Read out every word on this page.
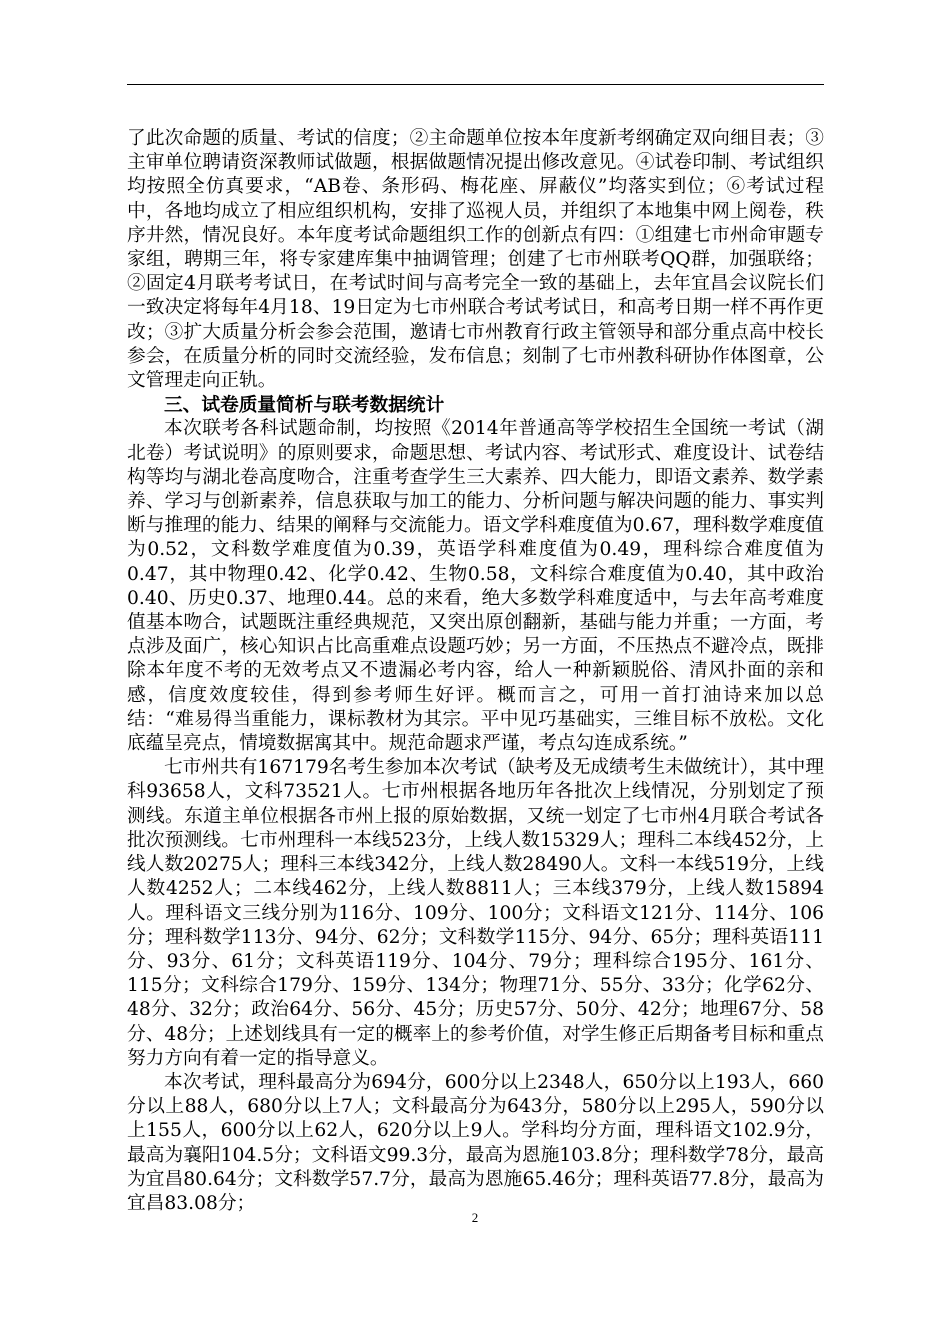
了此次命题的质量、考试的信度；②主命题单位按本年度新考纲确定双向细目表；③主审单位聘请资深教师试做题，根据做题情况提出修改意见。④试卷印制、考试组织均按照全仿真要求，“AB卷、条形码、梅花座、屏蔽仪”均落实到位；⑥考试过程中，各地均成立了相应组织机构，安排了巡视人员，并组织了本地集中网上阅卷，秩序井然，情况良好。本年度考试命题组织工作的创新点有四：①组建七市州命审题专家组，聘期三年，将专家建库集中抽调管理；创建了七市州联考QQ群，加强联络；②固定4月联考考试日，在考试时间与高考完全一致的基础上，去年宜昌会议院长们一致决定将每年4月18、19日定为七市州联合考试考试日，和高考日期一样不再作更改；③扩大质量分析会参会范围，邀请七市州教育行政主管领导和部分重点高中校长参会，在质量分析的同时交流经验，发布信息；刻制了七市州教科研协作体图章，公文管理走向正轨。

三、试卷质量简析与联考数据统计

本次联考各科试题命制，均按照《2014年普通高等学校招生全国统一考试（湖北卷）考试说明》的原则要求，命题思想、考试内容、考试形式、难度设计、试卷结构等均与湖北卷高度吻合，注重考查学生三大素养、四大能力，即语文素养、数学素养、学习与创新素养，信息获取与加工的能力、分析问题与解决问题的能力、事实判断与推理的能力、结果的阐释与交流能力。语文学科难度值为0.67，理科数学难度值为0.52，文科数学难度值为0.39，英语学科难度值为0.49，理科综合难度值为0.47，其中物理0.42、化学0.42、生物0.58，文科综合难度值为0.40，其中政治0.40、历史0.37、地理0.44。总的来看，绝大多数学科难度适中，与去年高考难度值基本吻合，试题既注重经典规范，又突出原创翻新，基础与能力并重；一方面，考点涉及面广，核心知识占比高重难点设题巧妙；另一方面，不压热点不避冷点，既排除本年度不考的无效考点又不遗漏必考内容，给人一种新颖脱俗、清风扑面的亲和感，信度效度较佳，得到参考师生好评。概而言之，可用一首打油诗来加以总结：“难易得当重能力，课标教材为其宗。平中见巧基础实，三维目标不放松。文化底蕴呈亮点，情境数据寓其中。规范命题求严谨，考点勾连成系统。”

七市州共有167179名考生参加本次考试（缺考及无成绩考生未做统计），其中理科93658人，文科73521人。七市州根据各地历年各批次上线情况，分别划定了预测线。东道主单位根据各市州上报的原始数据，又统一划定了七市州4月联合考试各批次预测线。七市州理科一本线523分，上线人数15329人；理科二本线452分，上线人数20275人；理科三本线342分，上线人数28490人。文科一本线519分，上线人数4252人；二本线462分，上线人数8811人；三本线379分，上线人数15894人。理科语文三线分别为116分、109分、100分；文科语文121分、114分、106分；理科数学113分、94分、62分；文科数学115分、94分、65分；理科英语111分、93分、61分；文科英语119分、104分、79分；理科综合195分、161分、115分；文科综合179分、159分、134分；物理71分、55分、33分；化学62分、48分、32分；政治64分、56分、45分；历史57分、50分、42分；地理67分、58分、48分；上述划线具有一定的概率上的参考价值，对学生修正后期备考目标和重点努力方向有着一定的指导意义。

本次考试，理科最高分为694分，600分以上2348人，650分以上193人，660分以上88人，680分以上7人；文科最高分为643分，580分以上295人，590分以上155人，600分以上62人，620分以上9人。学科均分方面，理科语文102.9分，最高为襄阳104.5分；文科语文99.3分，最高为恩施103.8分；理科数学78分，最高为宜昌80.64分；文科数学57.7分，最高为恩施65.46分；理科英语77.8分，最高为宜昌83.08分；

2
